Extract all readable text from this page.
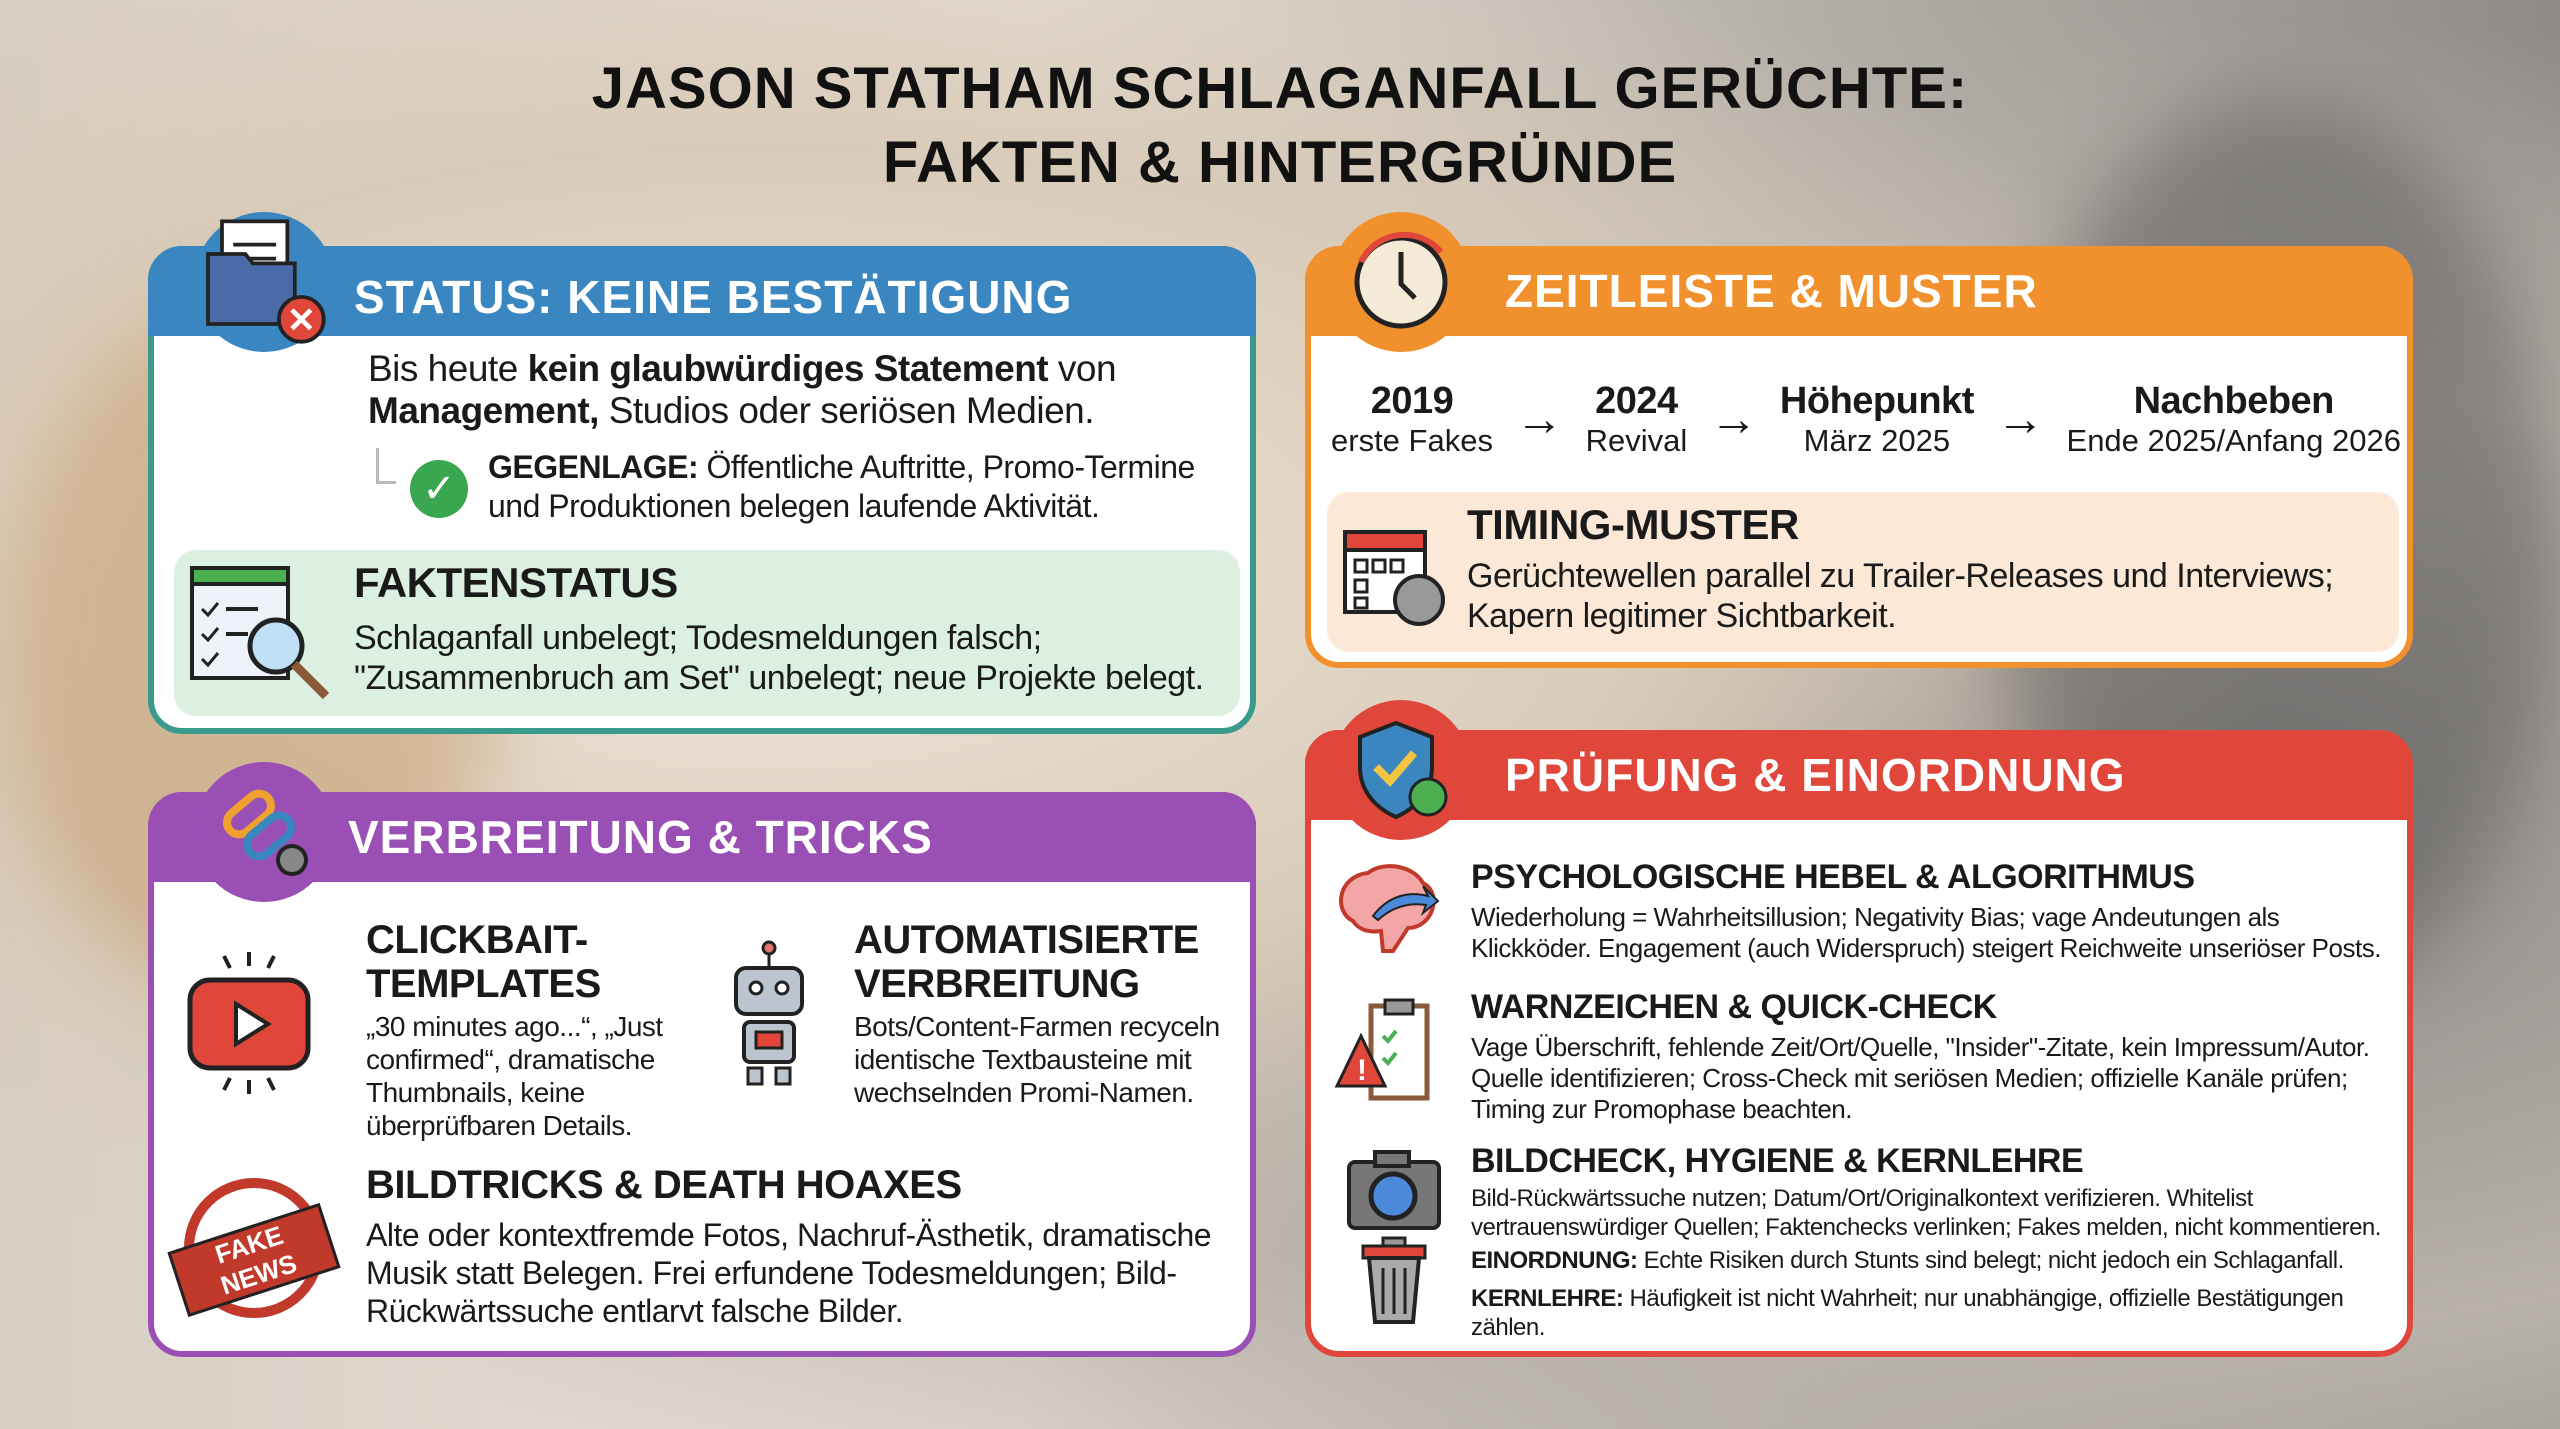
JASON STATHAM SCHLAGANFALL GERÜCHTE:
FAKTEN & HINTERGRÜNDE
STATUS: KEINE BESTÄTIGUNG
Bis heute kein glaubwürdiges Statement von Management, Studios oder seriösen Medien.
✓	GEGENLAGE: Öffentliche Auftritte, Promo-Termine und Produktionen belegen laufende Aktivität.
FAKTENSTATUS
Schlaganfall unbelegt; Todesmeldungen falsch; "Zusammenbruch am Set" unbelegt; neue Projekte belegt.
ZEITLEISTE & MUSTER
2019
erste Fakes → 2024
Revival → Höhepunkt
März 2025 →	Nachbeben
Ende 2025/Anfang 2026
TIMING-MUSTER
Gerüchtewellen parallel zu Trailer-Releases und Interviews; Kapern legitimer Sichtbarkeit.
VERBREITUNG & TRICKS
CLICKBAIT-TEMPLATES
„30 minutes ago...“, „Just confirmed“, dramatische Thumbnails, keine überprüfbaren Details.
AUTOMATISIERTE VERBREITUNG
Bots/Content-Farmen recyceln identische Textbausteine mit wechselnden Promi-Namen.
FAKE NEWS
BILDTRICKS & DEATH HOAXES
Alte oder kontextfremde Fotos, Nachruf-Ästhetik, dramatische Musik statt Belegen. Frei erfundene Todesmeldungen; Bild-Rückwärtssuche entlarvt falsche Bilder.
PRÜFUNG & EINORDNUNG
PSYCHOLOGISCHE HEBEL & ALGORITHMUS
Wiederholung = Wahrheitsillusion; Negativity Bias; vage Andeutungen als Klickköder. Engagement (auch Widerspruch) steigert Reichweite unseriöser Posts.
!
WARNZEICHEN & QUICK-CHECK
Vage Überschrift, fehlende Zeit/Ort/Quelle, "Insider"-Zitate, kein Impressum/Autor. Quelle identifizieren; Cross-Check mit seriösen Medien; offizielle Kanäle prüfen; Timing zur Promophase beachten.
BILDCHECK, HYGIENE & KERNLEHRE
Bild-Rückwärtssuche nutzen; Datum/Ort/Originalkontext verifizieren. Whitelist vertrauenswürdiger Quellen; Faktenchecks verlinken; Fakes melden, nicht kommentieren.
EINORDNUNG: Echte Risiken durch Stunts sind belegt; nicht jedoch ein Schlaganfall.
KERNLEHRE: Häufigkeit ist nicht Wahrheit; nur unabhängige, offizielle Bestätigungen zählen.
